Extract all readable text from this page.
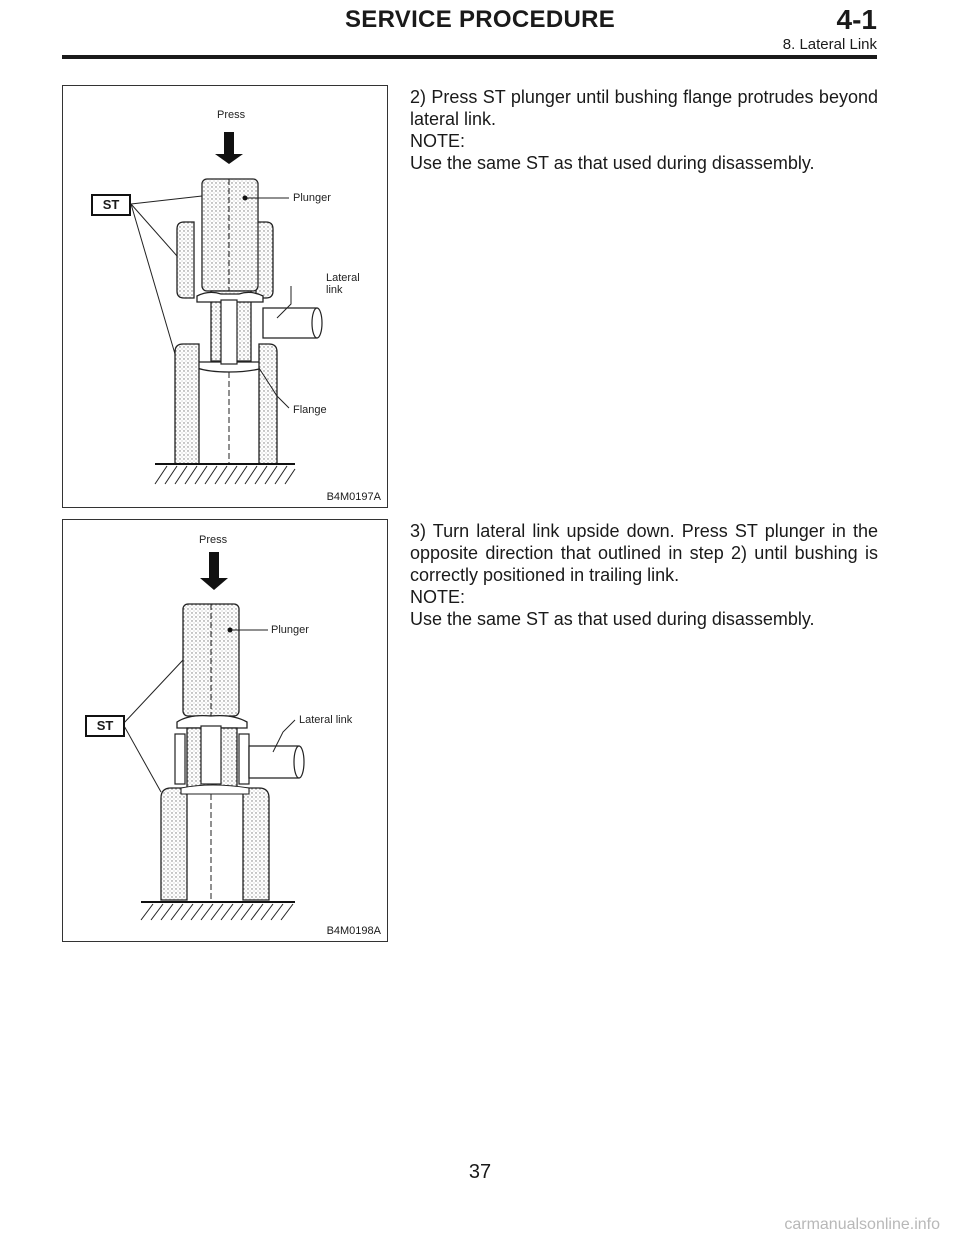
SERVICE PROCEDURE	4-1
8. Lateral Link
Press
ST	Plunger
Lateral
link
Flange
B4M0197A
Press
ST
Plunger
Lateral link
B4M0198A

2) Press ST plunger until bushing flange protrudes beyond lateral link.

NOTE:

Use the same ST as that used during disassembly.

3) Turn lateral link upside down. Press ST plunger in the opposite direction that outlined in step 2) until bushing is correctly positioned in trailing link.

NOTE:

Use the same ST as that used during disassembly.

37
carmanualsonline.info
